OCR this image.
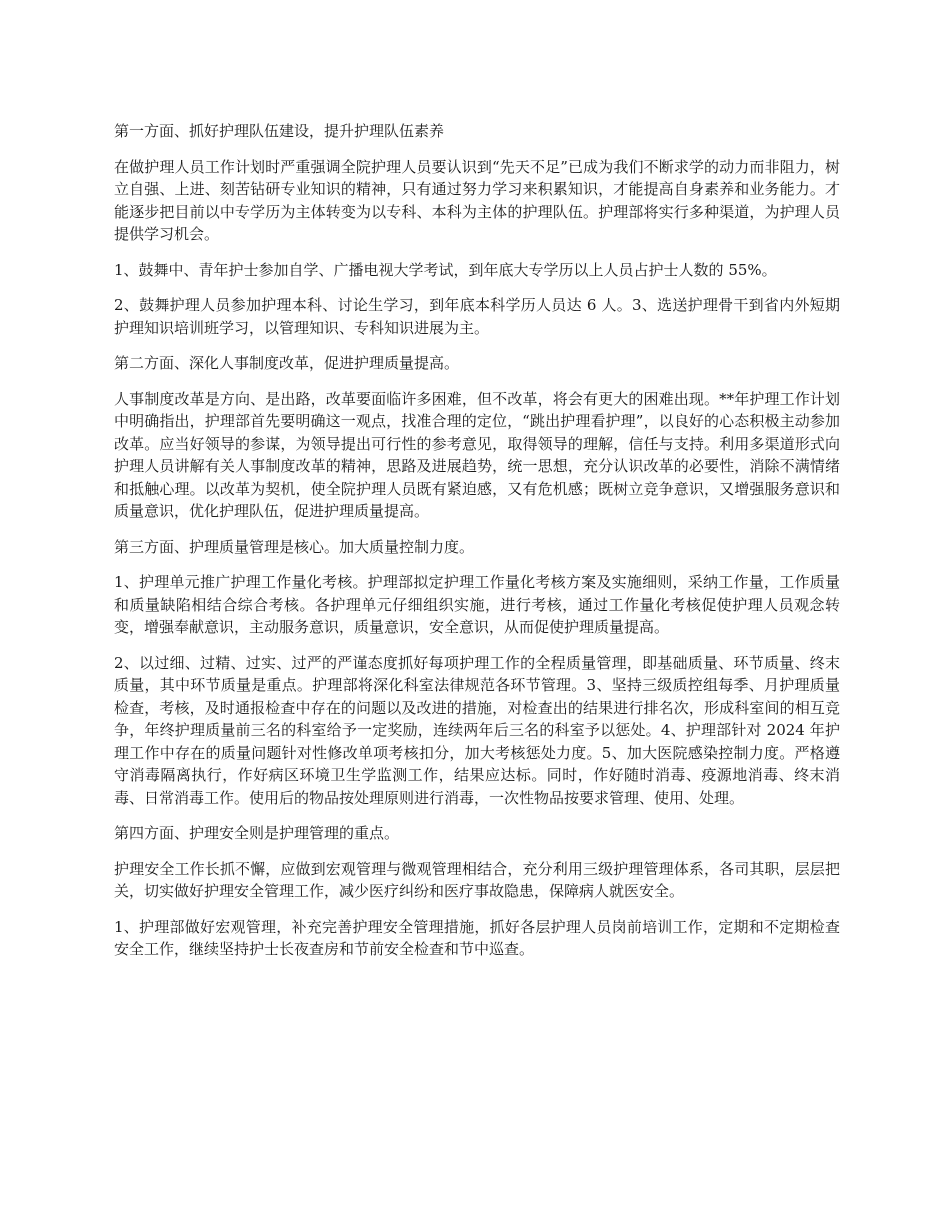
第一方面、抓好护理队伍建设，提升护理队伍素养

在做护理人员工作计划时严重强调全院护理人员要认识到“先天不足”已成为我们不断求学的动力而非阻力，树立自强、上进、刻苦钻研专业知识的精神，只有通过努力学习来积累知识，才能提高自身素养和业务能力。才能逐步把目前以中专学历为主体转变为以专科、本科为主体的护理队伍。护理部将实行多种渠道，为护理人员提供学习机会。

1、鼓舞中、青年护士参加自学、广播电视大学考试，到年底大专学历以上人员占护士人数的 55%。

2、鼓舞护理人员参加护理本科、讨论生学习，到年底本科学历人员达 6 人。3、选送护理骨干到省内外短期护理知识培训班学习，以管理知识、专科知识进展为主。

第二方面、深化人事制度改革，促进护理质量提高。

人事制度改革是方向、是出路，改革要面临许多困难，但不改革，将会有更大的困难出现。**年护理工作计划中明确指出，护理部首先要明确这一观点，找准合理的定位，“跳出护理看护理”，以良好的心态积极主动参加改革。应当好领导的参谋，为领导提出可行性的参考意见，取得领导的理解，信任与支持。利用多渠道形式向护理人员讲解有关人事制度改革的精神，思路及进展趋势，统一思想，充分认识改革的必要性，消除不满情绪和抵触心理。以改革为契机，使全院护理人员既有紧迫感，又有危机感；既树立竞争意识，又增强服务意识和质量意识，优化护理队伍，促进护理质量提高。

第三方面、护理质量管理是核心。加大质量控制力度。

1、护理单元推广护理工作量化考核。护理部拟定护理工作量化考核方案及实施细则，采纳工作量，工作质量和质量缺陷相结合综合考核。各护理单元仔细组织实施，进行考核，通过工作量化考核促使护理人员观念转变，增强奉献意识，主动服务意识，质量意识，安全意识，从而促使护理质量提高。

2、以过细、过精、过实、过严的严谨态度抓好每项护理工作的全程质量管理，即基础质量、环节质量、终末质量，其中环节质量是重点。护理部将深化科室法律规范各环节管理。3、坚持三级质控组每季、月护理质量检查，考核，及时通报检查中存在的问题以及改进的措施，对检查出的结果进行排名次，形成科室间的相互竞争，年终护理质量前三名的科室给予一定奖励，连续两年后三名的科室予以惩处。4、护理部针对 2024 年护理工作中存在的质量问题针对性修改单项考核扣分，加大考核惩处力度。5、加大医院感染控制力度。严格遵守消毒隔离执行，作好病区环境卫生学监测工作，结果应达标。同时，作好随时消毒、疫源地消毒、终末消毒、日常消毒工作。使用后的物品按处理原则进行消毒，一次性物品按要求管理、使用、处理。

第四方面、护理安全则是护理管理的重点。

护理安全工作长抓不懈，应做到宏观管理与微观管理相结合，充分利用三级护理管理体系，各司其职，层层把关，切实做好护理安全管理工作，减少医疗纠纷和医疗事故隐患，保障病人就医安全。

1、护理部做好宏观管理，补充完善护理安全管理措施，抓好各层护理人员岗前培训工作，定期和不定期检查安全工作，继续坚持护士长夜查房和节前安全检查和节中巡查。
